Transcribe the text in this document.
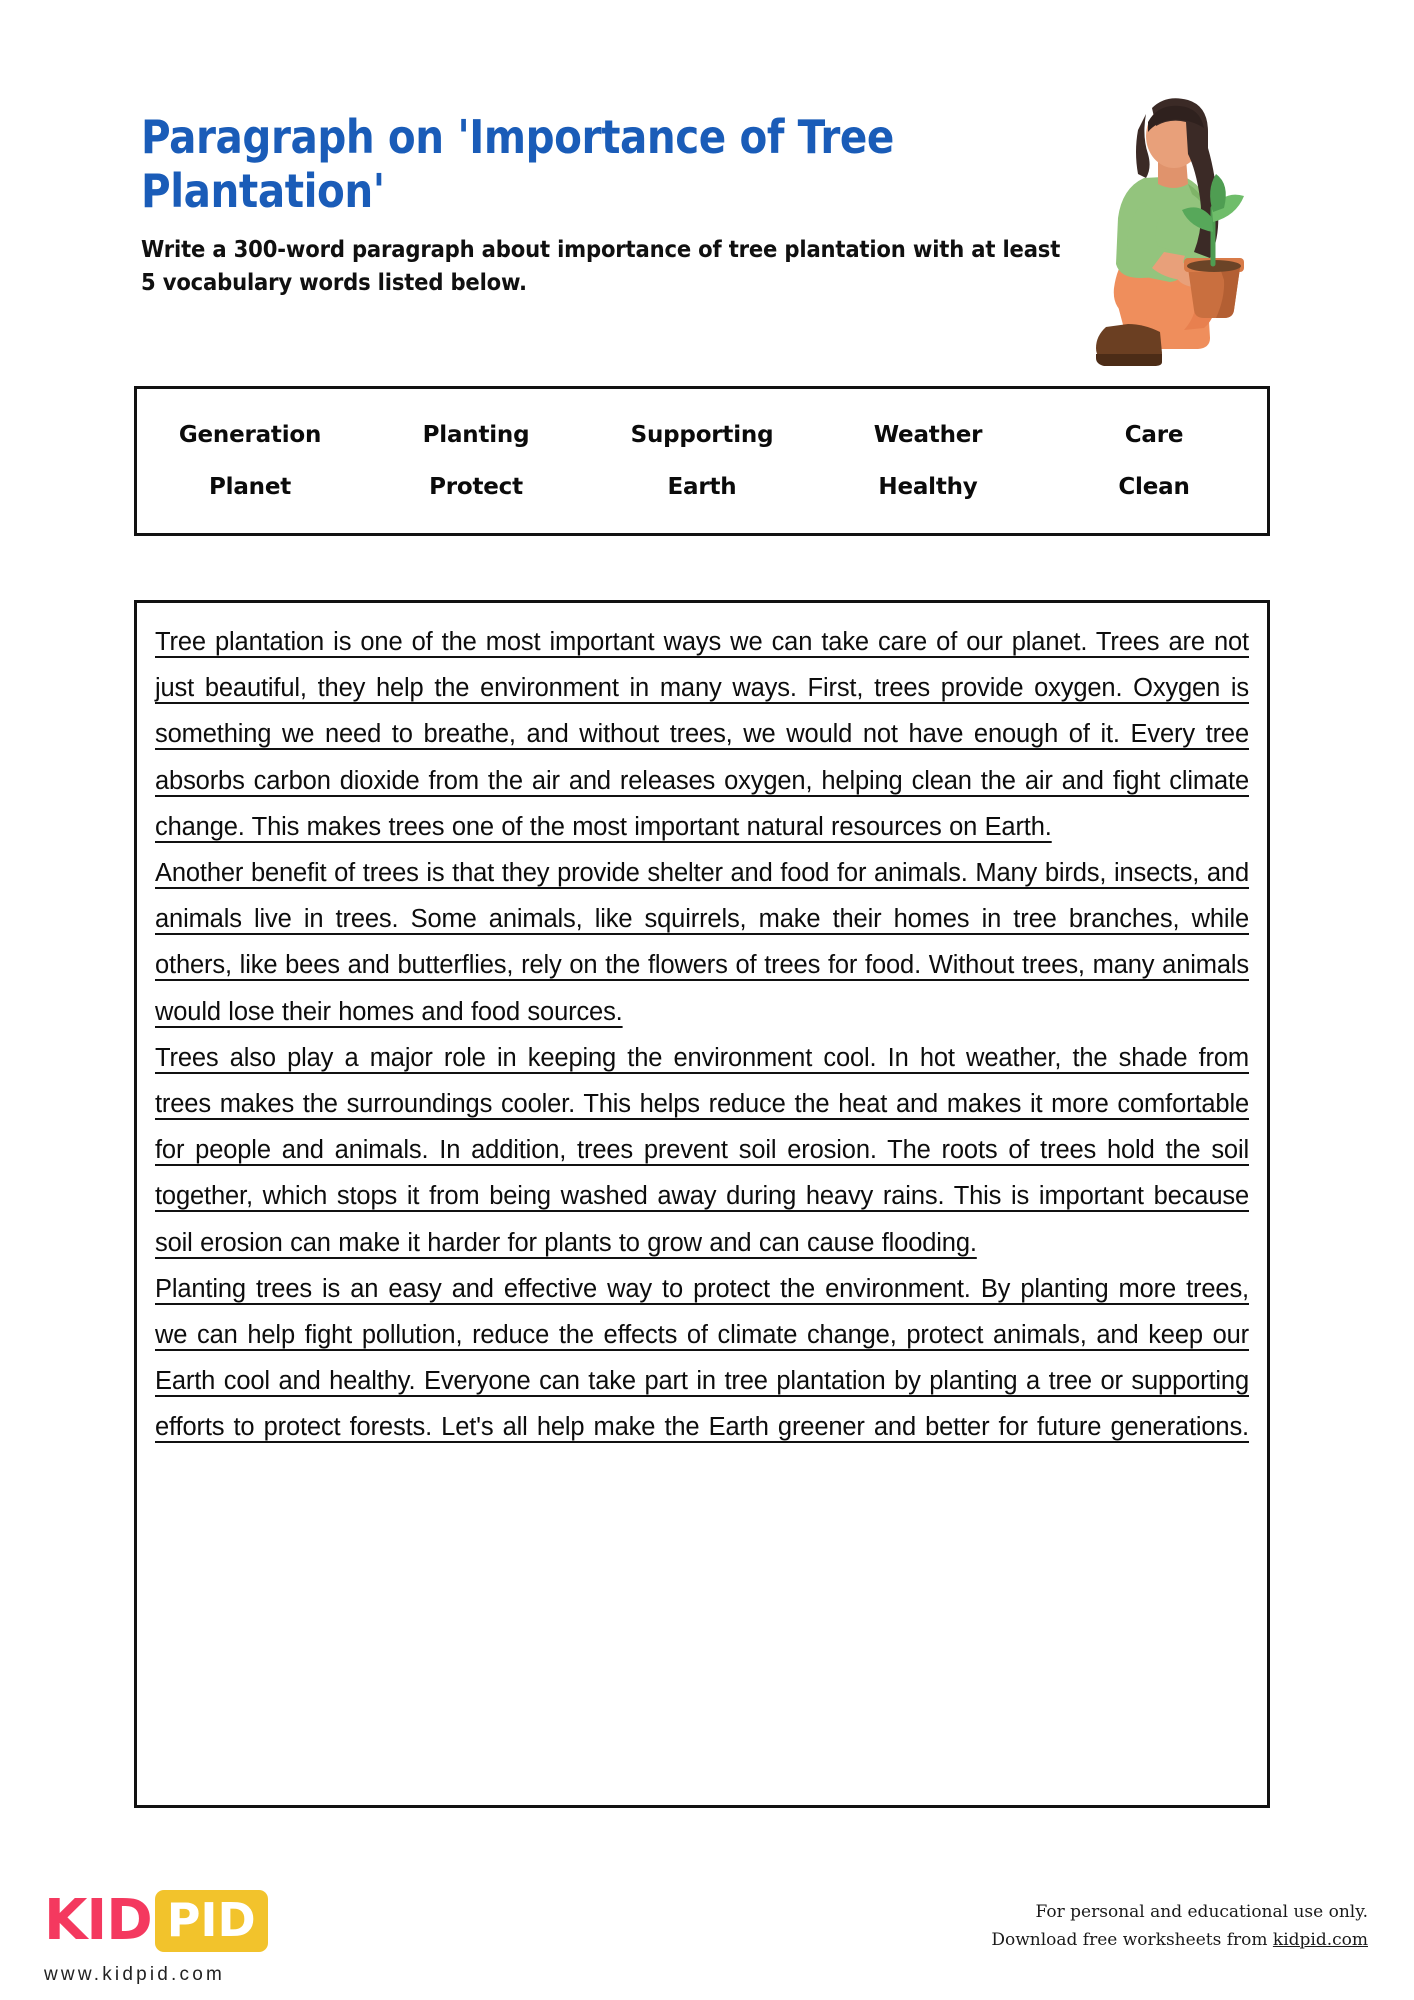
Paragraph on 'Importance of Tree Plantation'

Write a 300-word paragraph about importance of tree plantation with at least 5 vocabulary words listed below.

Generation	Planting	Supporting	Weather	Care
Planet	Protect	Earth	Healthy	Clean

Tree plantation is one of the most important ways we can take care of our planet. Trees are not just beautiful, they help the environment in many ways. First, trees provide oxygen. Oxygen is something we need to breathe, and without trees, we would not have enough of it. Every tree absorbs carbon dioxide from the air and releases oxygen, helping clean the air and fight climate change. This makes trees one of the most important natural resources on Earth.

Another benefit of trees is that they provide shelter and food for animals. Many birds, insects, and animals live in trees. Some animals, like squirrels, make their homes in tree branches, while others, like bees and butterflies, rely on the flowers of trees for food. Without trees, many animals would lose their homes and food sources.

Trees also play a major role in keeping the environment cool. In hot weather, the shade from trees makes the surroundings cooler. This helps reduce the heat and makes it more comfortable for people and animals. In addition, trees prevent soil erosion. The roots of trees hold the soil together, which stops it from being washed away during heavy rains. This is important because soil erosion can make it harder for plants to grow and can cause flooding.

Planting trees is an easy and effective way to protect the environment. By planting more trees, we can help fight pollution, reduce the effects of climate change, protect animals, and keep our Earth cool and healthy. Everyone can take part in tree plantation by planting a tree or supporting efforts to protect forests. Let's all help make the Earth greener and better for future generations.

KID PID
www.kidpid.com
For personal and educational use only.
Download free worksheets from kidpid.com
